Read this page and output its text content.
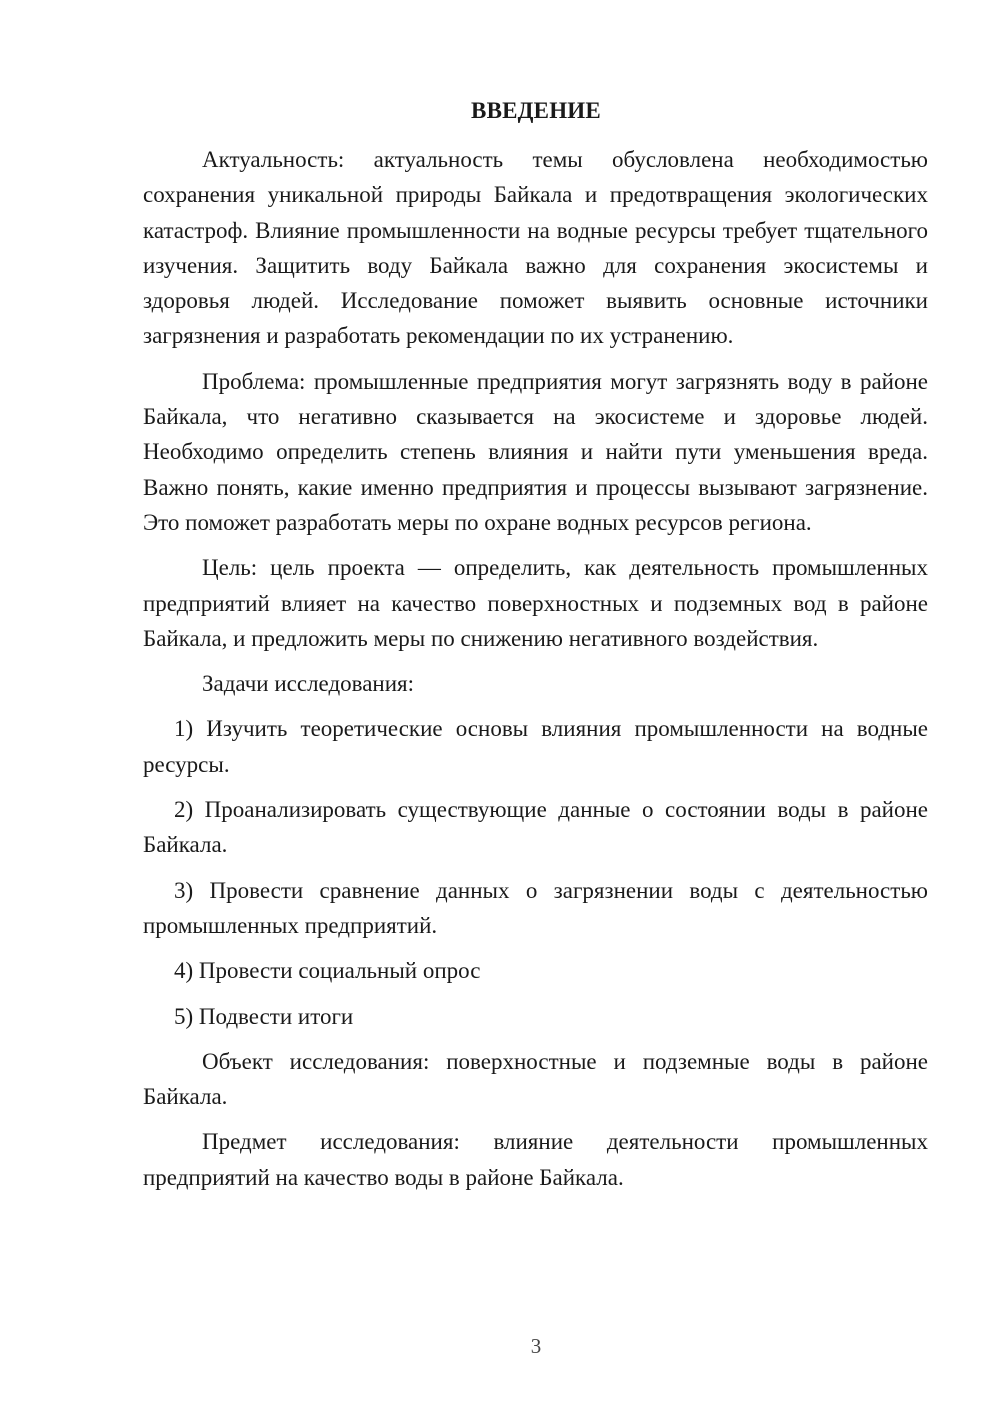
ВВЕДЕНИЕ

Актуальность: актуальность темы обусловлена необходимостью сохранения уникальной природы Байкала и предотвращения экологических катастроф. Влияние промышленности на водные ресурсы требует тщательного изучения. Защитить воду Байкала важно для сохранения экосистемы и здоровья людей. Исследование поможет выявить основные источники загрязнения и разработать рекомендации по их устранению.

Проблема: промышленные предприятия могут загрязнять воду в районе Байкала, что негативно сказывается на экосистеме и здоровье людей. Необходимо определить степень влияния и найти пути уменьшения вреда. Важно понять, какие именно предприятия и процессы вызывают загрязнение. Это поможет разработать меры по охране водных ресурсов региона.

Цель: цель проекта — определить, как деятельность промышленных предприятий влияет на качество поверхностных и подземных вод в районе Байкала, и предложить меры по снижению негативного воздействия.

Задачи исследования:

1) Изучить теоретические основы влияния промышленности на водные ресурсы.

2) Проанализировать существующие данные о состоянии воды в районе Байкала.

3) Провести сравнение данных о загрязнении воды с деятельностью промышленных предприятий.

4) Провести социальный опрос

5) Подвести итоги

Объект исследования: поверхностные и подземные воды в районе Байкала.

Предмет исследования: влияние деятельности промышленных предприятий на качество воды в районе Байкала.

3
